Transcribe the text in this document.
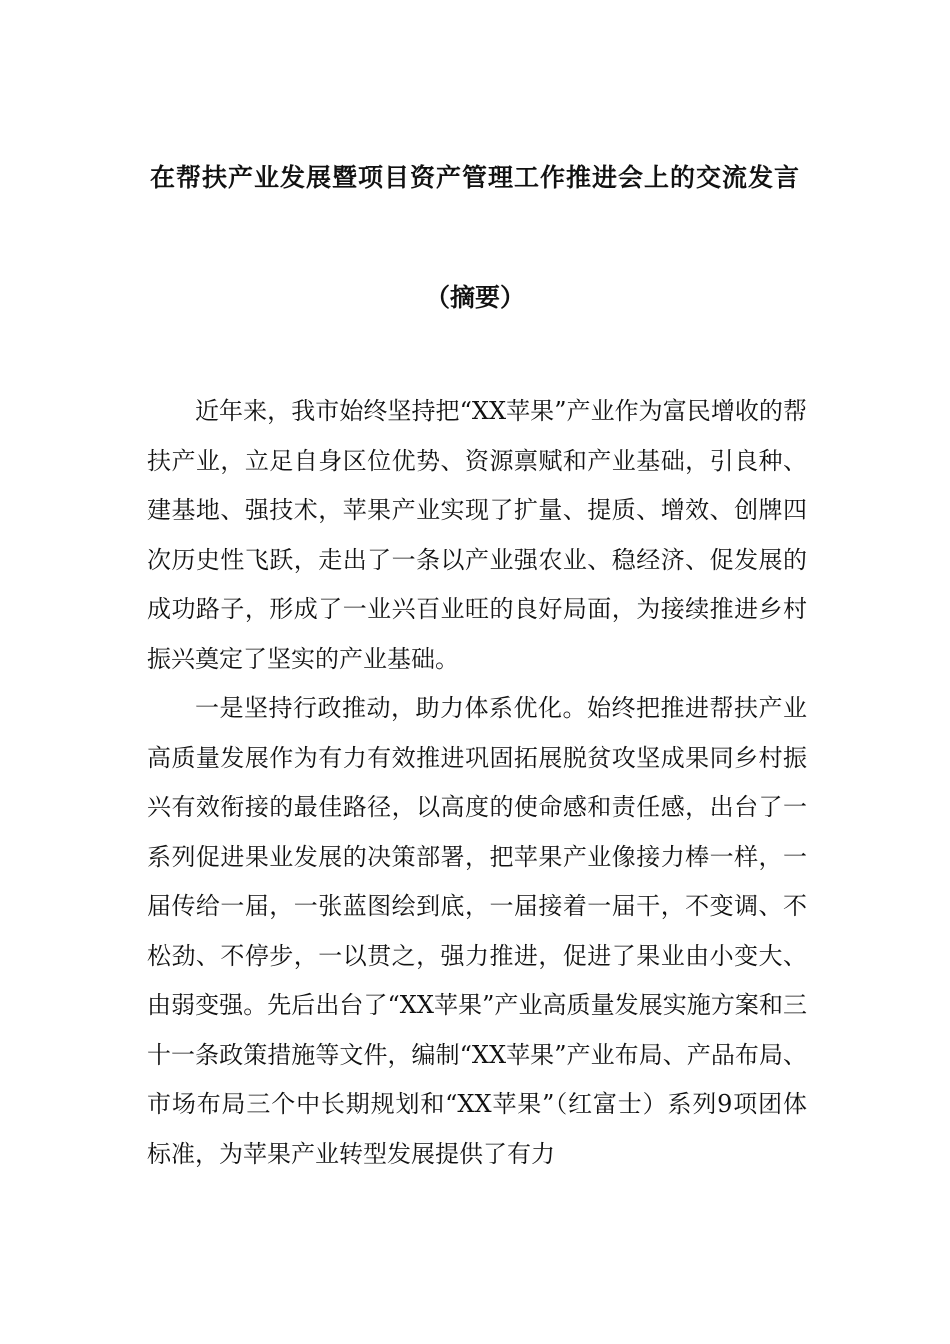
在帮扶产业发展暨项目资产管理工作推进会上的交流发言
（摘要）

近年来，我市始终坚持把“XX苹果”产业作为富民增收的帮扶产业，立足自身区位优势、资源禀赋和产业基础，引良种、建基地、强技术，苹果产业实现了扩量、提质、增效、创牌四次历史性飞跃，走出了一条以产业强农业、稳经济、促发展的成功路子，形成了一业兴百业旺的良好局面，为接续推进乡村振兴奠定了坚实的产业基础。

一是坚持行政推动，助力体系优化。始终把推进帮扶产业高质量发展作为有力有效推进巩固拓展脱贫攻坚成果同乡村振兴有效衔接的最佳路径，以高度的使命感和责任感，出台了一系列促进果业发展的决策部署，把苹果产业像接力棒一样，一届传给一届，一张蓝图绘到底，一届接着一届干，不变调、不松劲、不停步，一以贯之，强力推进，促进了果业由小变大、由弱变强。先后出台了“XX苹果”产业高质量发展实施方案和三十一条政策措施等文件，编制“XX苹果”产业布局、产品布局、市场布局三个中长期规划和“XX苹果”（红富士）系列9项团体标准，为苹果产业转型发展提供了有力
